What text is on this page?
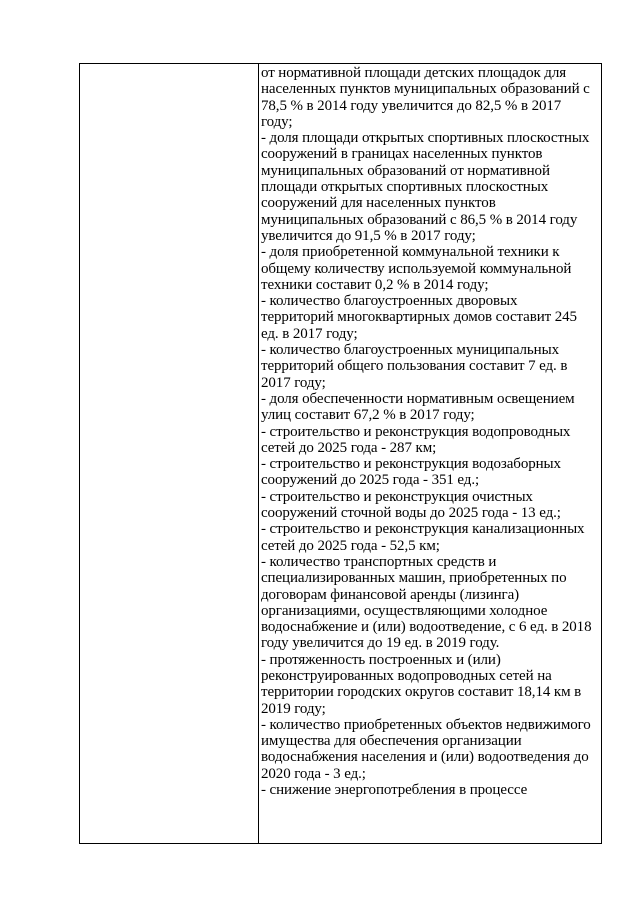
от нормативной площади детских площадок для

населенных пунктов муниципальных образований с

78,5 % в 2014 году увеличится до 82,5 % в 2017

году;

- доля площади открытых спортивных плоскостных

сооружений в границах населенных пунктов

муниципальных образований от нормативной

площади открытых спортивных плоскостных

сооружений для населенных пунктов

муниципальных образований с 86,5 % в 2014 году

увеличится до 91,5 % в 2017 году;

- доля приобретенной коммунальной техники к

общему количеству используемой коммунальной

техники составит 0,2 % в 2014 году;

- количество благоустроенных дворовых

территорий многоквартирных домов составит 245

ед. в 2017 году;

- количество благоустроенных муниципальных

территорий общего пользования составит 7 ед. в

2017 году;

- доля обеспеченности нормативным освещением

улиц составит 67,2 % в 2017 году;

- строительство и реконструкция водопроводных

сетей до 2025 года - 287 км;

- строительство и реконструкция водозаборных

сооружений до 2025 года - 351 ед.;

- строительство и реконструкция очистных

сооружений сточной воды до 2025 года - 13 ед.;

- строительство и реконструкция канализационных

сетей до 2025 года - 52,5 км;

- количество транспортных средств и

специализированных машин, приобретенных по

договорам финансовой аренды (лизинга)

организациями, осуществляющими холодное

водоснабжение и (или) водоотведение, с 6 ед. в 2018

году увеличится до 19 ед. в 2019 году.

- протяженность построенных и (или)

реконструированных водопроводных сетей на

территории городских округов составит 18,14 км в

2019 году;

- количество приобретенных объектов недвижимого

имущества для обеспечения организации

водоснабжения населения и (или) водоотведения до

2020 года - 3 ед.;

- снижение энергопотребления в процессе
